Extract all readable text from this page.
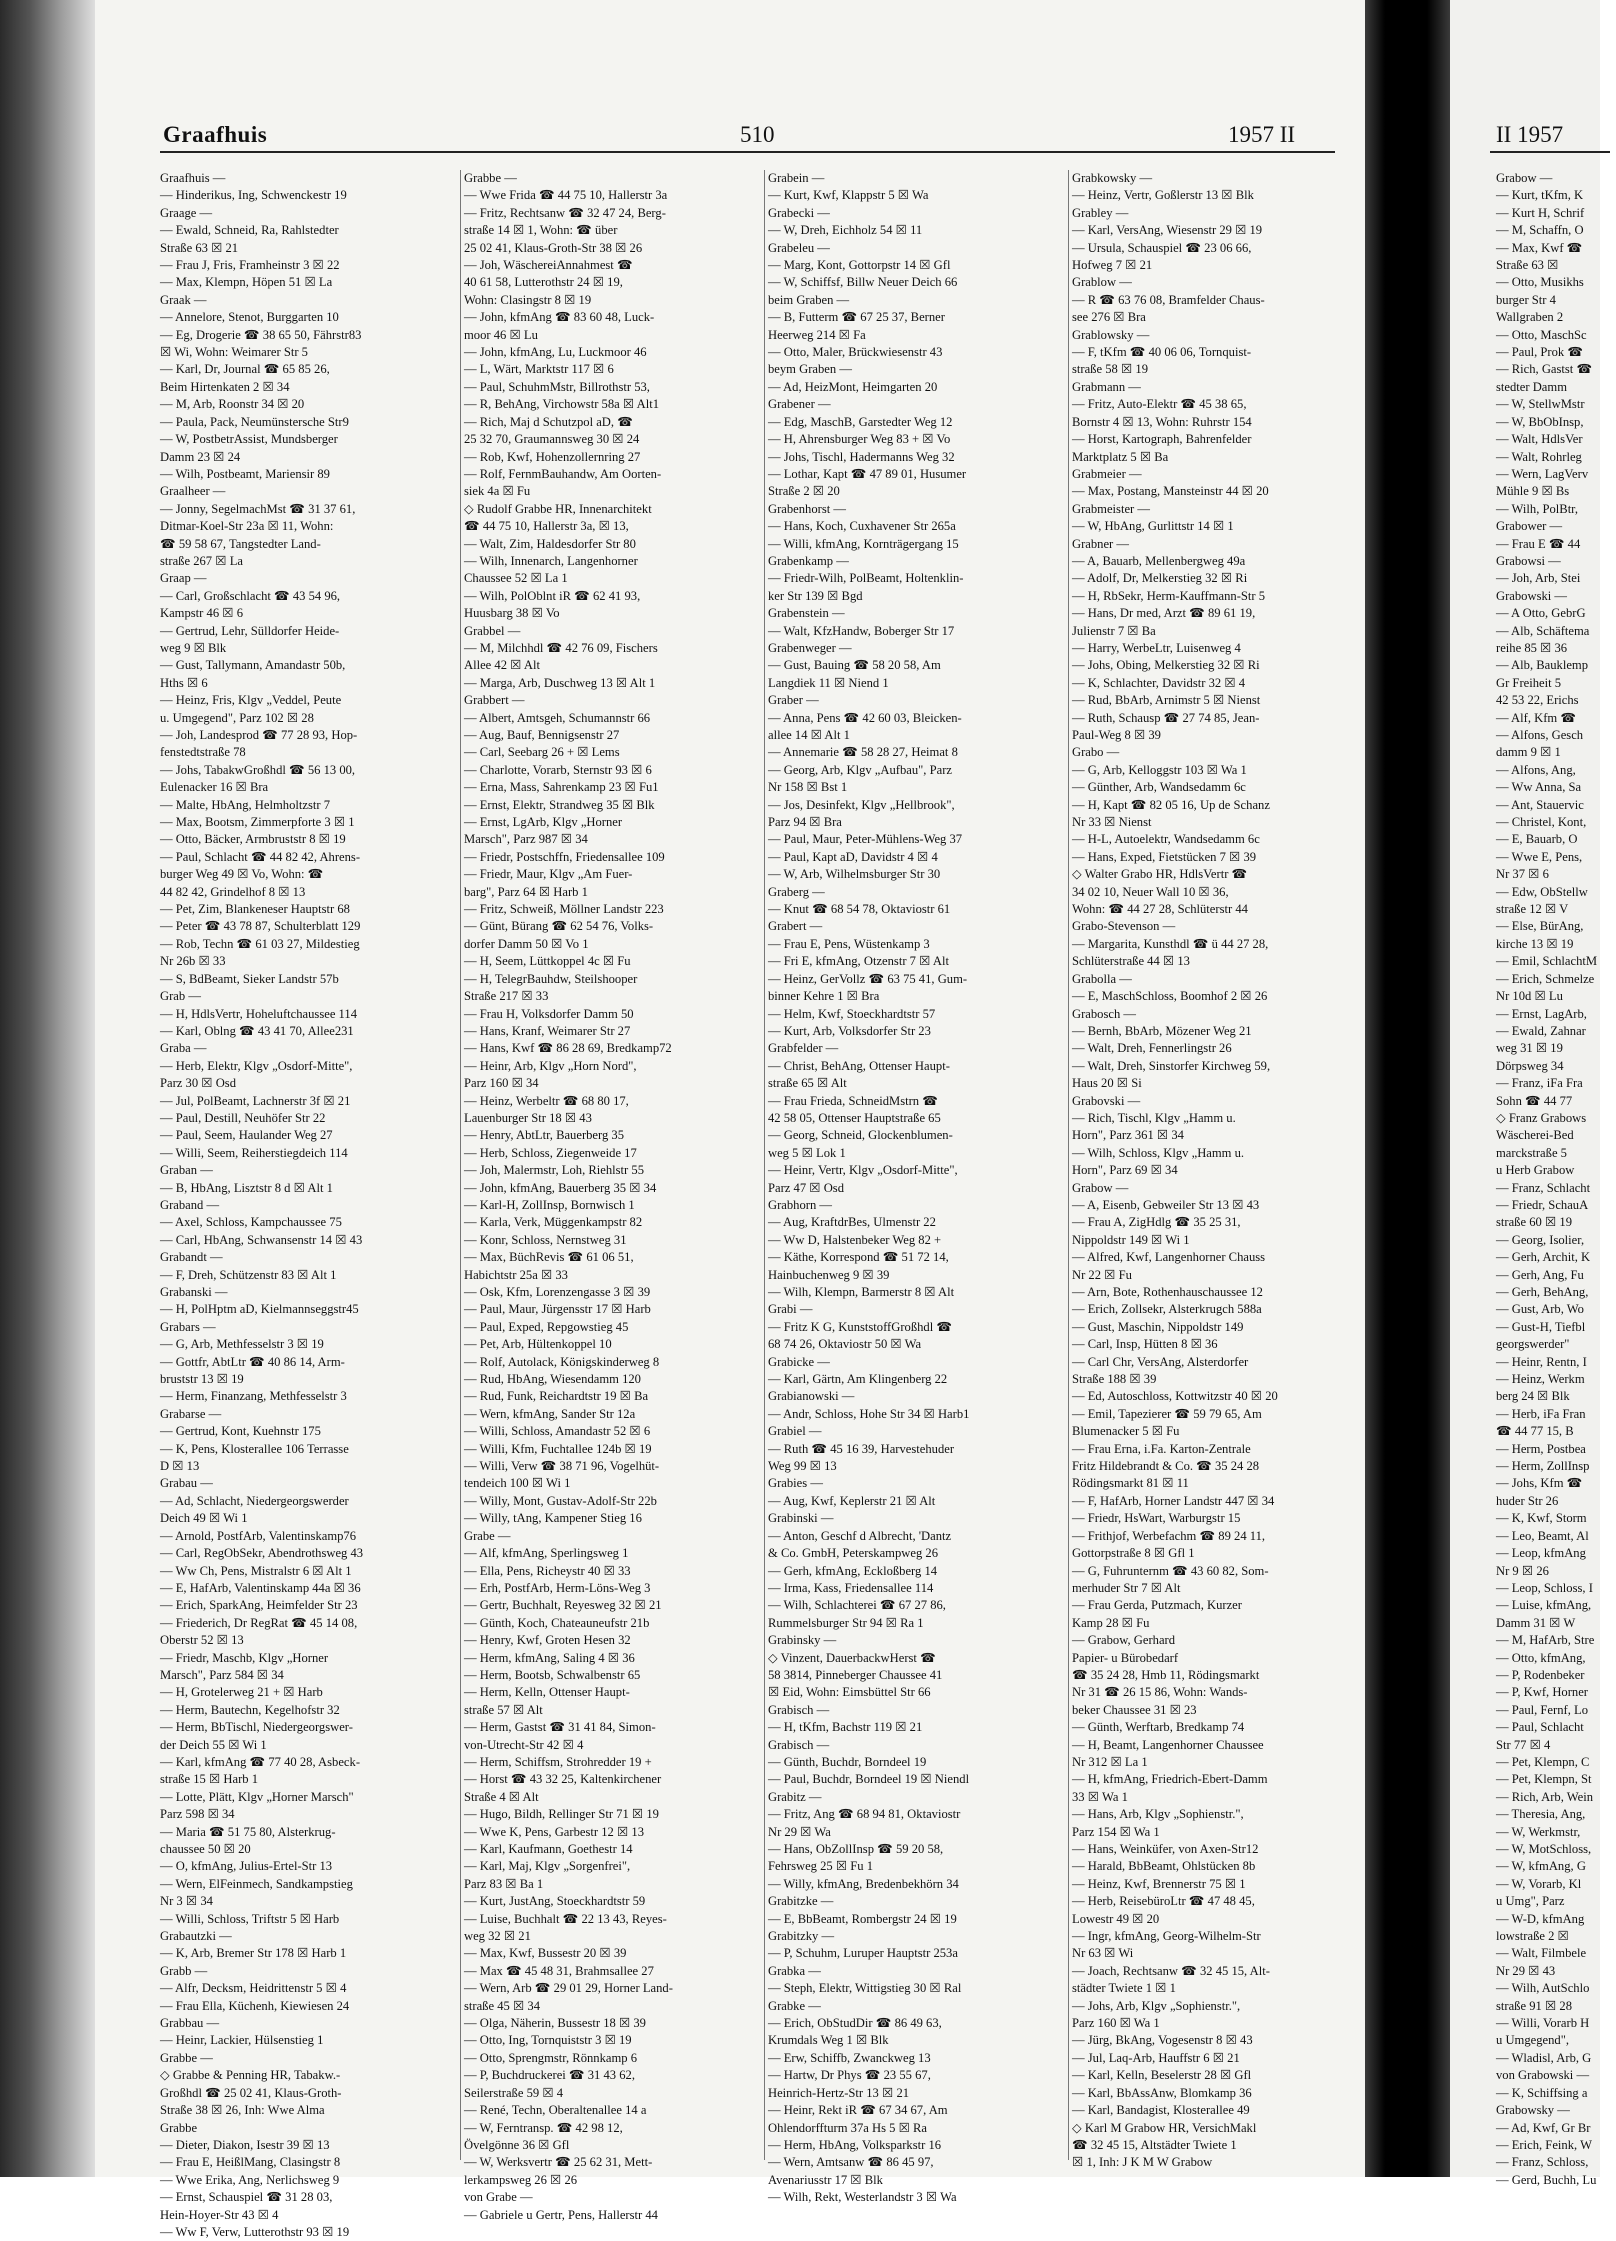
Graafhuis	510	1957 II
Graafhuis —
— Hinderikus, Ing, Schwenckestr 19
Graage —
— Ewald, Schneid, Ra, Rahlstedter
Straße 63 ☒ 21
— Frau J, Fris, Framheinstr 3 ☒ 22
— Max, Klempn, Höpen 51 ☒ La
Graak —
— Annelore, Stenot, Burggarten 10
— Eg, Drogerie ☎ 38 65 50, Fährstr83
☒ Wi, Wohn: Weimarer Str 5
— Karl, Dr, Journal ☎ 65 85 26,
Beim Hirtenkaten 2 ☒ 34
— M, Arb, Roonstr 34 ☒ 20
— Paula, Pack, Neumünstersche Str9
— W, PostbetrAssist, Mundsberger
Damm 23 ☒ 24
— Wilh, Postbeamt, Mariensir 89
Graalheer —
— Jonny, SegelmachMst ☎ 31 37 61,
Ditmar-Koel-Str 23a ☒ 11, Wohn:
☎ 59 58 67, Tangstedter Land-
straße 267 ☒ La
Graap —
— Carl, Großschlacht ☎ 43 54 96,
Kampstr 46 ☒ 6
— Gertrud, Lehr, Sülldorfer Heide-
weg 9 ☒ Blk
— Gust, Tallymann, Amandastr 50b,
Hths ☒ 6
— Heinz, Fris, Klgv „Veddel, Peute
u. Umgegend", Parz 102 ☒ 28
— Joh, Landesprod ☎ 77 28 93, Hop-
fenstedtstraße 78
— Johs, TabakwGroßhdl ☎ 56 13 00,
Eulenacker 16 ☒ Bra
— Malte, HbAng, Helmholtzstr 7
— Max, Bootsm, Zimmerpforte 3 ☒ 1
— Otto, Bäcker, Armbruststr 8 ☒ 19
— Paul, Schlacht ☎ 44 82 42, Ahrens-
burger Weg 49 ☒ Vo, Wohn: ☎
44 82 42, Grindelhof 8 ☒ 13
— Pet, Zim, Blankeneser Hauptstr 68
— Peter ☎ 43 78 87, Schulterblatt 129
— Rob, Techn ☎ 61 03 27, Mildestieg
Nr 26b ☒ 33
— S, BdBeamt, Sieker Landstr 57b
Grab —
— H, HdlsVertr, Hoheluftchaussee 114
— Karl, Oblng ☎ 43 41 70, Allee231
Graba —
— Herb, Elektr, Klgv „Osdorf-Mitte",
Parz 30 ☒ Osd
— Jul, PolBeamt, Lachnerstr 3f ☒ 21
— Paul, Destill, Neuhöfer Str 22
— Paul, Seem, Haulander Weg 27
— Willi, Seem, Reiherstiegdeich 114
Graban —
— B, HbAng, Lisztstr 8 d ☒ Alt 1
Graband —
— Axel, Schloss, Kampchaussee 75
— Carl, HbAng, Schwansenstr 14 ☒ 43
Grabandt —
— F, Dreh, Schützenstr 83 ☒ Alt 1
Grabanski —
— H, PolHptm aD, Kielmannseggstr45
Grabars —
— G, Arb, Methfesselstr 3 ☒ 19
— Gottfr, AbtLtr ☎ 40 86 14, Arm-
bruststr 13 ☒ 19
— Herm, Finanzang, Methfesselstr 3
Grabarse —
— Gertrud, Kont, Kuehnstr 175
— K, Pens, Klosterallee 106 Terrasse
D ☒ 13
Grabau —
— Ad, Schlacht, Niedergeorgswerder
Deich 49 ☒ Wi 1
— Arnold, PostfArb, Valentinskamp76
— Carl, RegObSekr, Abendrothsweg 43
— Ww Ch, Pens, Mistralstr 6 ☒ Alt 1
— E, HafArb, Valentinskamp 44a ☒ 36
— Erich, SparkAng, Heimfelder Str 23
— Friederich, Dr RegRat ☎ 45 14 08,
Oberstr 52 ☒ 13
— Friedr, Maschb, Klgv „Horner
Marsch", Parz 584 ☒ 34
— H, Grotelerweg 21 + ☒ Harb
— Herm, Bautechn, Kegelhofstr 32
— Herm, BbTischl, Niedergeorgswer-
der Deich 55 ☒ Wi 1
— Karl, kfmAng ☎ 77 40 28, Asbeck-
straße 15 ☒ Harb 1
— Lotte, Plätt, Klgv „Horner Marsch"
Parz 598 ☒ 34
— Maria ☎ 51 75 80, Alsterkrug-
chaussee 50 ☒ 20
— O, kfmAng, Julius-Ertel-Str 13
— Wern, ElFeinmech, Sandkampstieg
Nr 3 ☒ 34
— Willi, Schloss, Triftstr 5 ☒ Harb
Grabautzki —
— K, Arb, Bremer Str 178 ☒ Harb 1
Grabb —
— Alfr, Decksm, Heidrittenstr 5 ☒ 4
— Frau Ella, Küchenh, Kiewiesen 24
Grabbau —
— Heinr, Lackier, Hülsenstieg 1
Grabbe —
◇ Grabbe & Penning HR, Tabakw.-
Großhdl ☎ 25 02 41, Klaus-Groth-
Straße 38 ☒ 26, Inh: Wwe Alma
Grabbe
— Dieter, Diakon, Isestr 39 ☒ 13
— Frau E, HeißlMang, Clasingstr 8
— Wwe Erika, Ang, Nerlichsweg 9
— Ernst, Schauspiel ☎ 31 28 03,
Hein-Hoyer-Str 43 ☒ 4
— Ww F, Verw, Lutterothstr 93 ☒ 19
Grabbe —
— Wwe Frida ☎ 44 75 10, Hallerstr 3a
— Fritz, Rechtsanw ☎ 32 47 24, Berg-
straße 14 ☒ 1, Wohn: ☎ über
25 02 41, Klaus-Groth-Str 38 ☒ 26
— Joh, WäschereiAnnahmest ☎
40 61 58, Lutterothstr 24 ☒ 19,
Wohn: Clasingstr 8 ☒ 19
— John, kfmAng ☎ 83 60 48, Luck-
moor 46 ☒ Lu
— John, kfmAng, Lu, Luckmoor 46
— L, Wärt, Marktstr 117 ☒ 6
— Paul, SchuhmMstr, Billrothstr 53,
— R, BehAng, Virchowstr 58a ☒ Alt1
— Rich, Maj d Schutzpol aD, ☎
25 32 70, Graumannsweg 30 ☒ 24
— Rob, Kwf, Hohenzollernring 27
— Rolf, FernmBauhandw, Am Oorten-
siek 4a ☒ Fu
◇ Rudolf Grabbe HR, Innenarchitekt
☎ 44 75 10, Hallerstr 3a, ☒ 13,
— Walt, Zim, Haldesdorfer Str 80
— Wilh, Innenarch, Langenhorner
Chaussee 52 ☒ La 1
— Wilh, PolOblnt iR ☎ 62 41 93,
Huusbarg 38 ☒ Vo
Grabbel —
— M, Milchhdl ☎ 42 76 09, Fischers
Allee 42 ☒ Alt
— Marga, Arb, Duschweg 13 ☒ Alt 1
Grabbert —
— Albert, Amtsgeh, Schumannstr 66
— Aug, Bauf, Bennigsenstr 27
— Carl, Seebarg 26 + ☒ Lems
— Charlotte, Vorarb, Sternstr 93 ☒ 6
— Erna, Mass, Sahrenkamp 23 ☒ Fu1
— Ernst, Elektr, Strandweg 35 ☒ Blk
— Ernst, LgArb, Klgv „Horner
Marsch", Parz 987 ☒ 34
— Friedr, Postschffn, Friedensallee 109
— Friedr, Maur, Klgv „Am Fuer-
barg", Parz 64 ☒ Harb 1
— Fritz, Schweiß, Möllner Landstr 223
— Günt, Bürang ☎ 62 54 76, Volks-
dorfer Damm 50 ☒ Vo 1
— H, Seem, Lüttkoppel 4c ☒ Fu
— H, TelegrBauhdw, Steilshooper
Straße 217 ☒ 33
— Frau H, Volksdorfer Damm 50
— Hans, Kranf, Weimarer Str 27
— Hans, Kwf ☎ 86 28 69, Bredkamp72
— Heinr, Arb, Klgv „Horn Nord",
Parz 160 ☒ 34
— Heinz, Werbeltr ☎ 68 80 17,
Lauenburger Str 18 ☒ 43
— Henry, AbtLtr, Bauerberg 35
— Herb, Schloss, Ziegenweide 17
— Joh, Malermstr, Loh, Riehlstr 55
— John, kfmAng, Bauerberg 35 ☒ 34
— Karl-H, ZollInsp, Bornwisch 1
— Karla, Verk, Müggenkampstr 82
— Konr, Schloss, Nernstweg 31
— Max, BüchRevis ☎ 61 06 51,
Habichtstr 25a ☒ 33
— Osk, Kfm, Lorenzengasse 3 ☒ 39
— Paul, Maur, Jürgensstr 17 ☒ Harb
— Paul, Exped, Repgowstieg 45
— Pet, Arb, Hültenkoppel 10
— Rolf, Autolack, Königskinderweg 8
— Rud, HbAng, Wiesendamm 120
— Rud, Funk, Reichardtstr 19 ☒ Ba
— Wern, kfmAng, Sander Str 12a
— Willi, Schloss, Amandastr 52 ☒ 6
— Willi, Kfm, Fuchtallee 124b ☒ 19
— Willi, Verw ☎ 38 71 96, Vogelhüt-
tendeich 100 ☒ Wi 1
— Willy, Mont, Gustav-Adolf-Str 22b
— Willy, tAng, Kampener Stieg 16
Grabe —
— Alf, kfmAng, Sperlingsweg 1
— Ella, Pens, Richeystr 40 ☒ 33
— Erh, PostfArb, Herm-Löns-Weg 3
— Gertr, Buchhalt, Reyesweg 32 ☒ 21
— Günth, Koch, Chateauneufstr 21b
— Henry, Kwf, Groten Hesen 32
— Herm, kfmAng, Saling 4 ☒ 36
— Herm, Bootsb, Schwalbenstr 65
— Herm, Kelln, Ottenser Haupt-
straße 57 ☒ Alt
— Herm, Gastst ☎ 31 41 84, Simon-
von-Utrecht-Str 42 ☒ 4
— Herm, Schiffsm, Strohredder 19 +
— Horst ☎ 43 32 25, Kaltenkirchener
Straße 4 ☒ Alt
— Hugo, Bildh, Rellinger Str 71 ☒ 19
— Wwe K, Pens, Garbestr 12 ☒ 13
— Karl, Kaufmann, Goethestr 14
— Karl, Maj, Klgv „Sorgenfrei",
Parz 83 ☒ Ba 1
— Kurt, JustAng, Stoeckhardtstr 59
— Luise, Buchhalt ☎ 22 13 43, Reyes-
weg 32 ☒ 21
— Max, Kwf, Bussestr 20 ☒ 39
— Max ☎ 45 48 31, Brahmsallee 27
— Wern, Arb ☎ 29 01 29, Horner Land-
straße 45 ☒ 34
— Olga, Näherin, Bussestr 18 ☒ 39
— Otto, Ing, Tornquiststr 3 ☒ 19
— Otto, Sprengmstr, Rönnkamp 6
— P, Buchdruckerei ☎ 31 43 62,
Seilerstraße 59 ☒ 4
— René, Techn, Oberaltenallee 14 a
— W, Ferntransp. ☎ 42 98 12,
Övelgönne 36 ☒ Gfl
— W, Werksvertr ☎ 25 62 31, Mett-
lerkampsweg 26 ☒ 26
von Grabe —
— Gabriele u Gertr, Pens, Hallerstr 44
Grabein —
— Kurt, Kwf, Klappstr 5 ☒ Wa
Grabecki —
— W, Dreh, Eichholz 54 ☒ 11
Grabeleu —
— Marg, Kont, Gottorpstr 14 ☒ Gfl
— W, Schiffsf, Billw Neuer Deich 66
beim Graben —
— B, Futterm ☎ 67 25 37, Berner
Heerweg 214 ☒ Fa
— Otto, Maler, Brückwiesenstr 43
beym Graben —
— Ad, HeizMont, Heimgarten 20
Grabener —
— Edg, MaschB, Garstedter Weg 12
— H, Ahrensburger Weg 83 + ☒ Vo
— Johs, Tischl, Hadermanns Weg 32
— Lothar, Kapt ☎ 47 89 01, Husumer
Straße 2 ☒ 20
Grabenhorst —
— Hans, Koch, Cuxhavener Str 265a
— Willi, kfmAng, Kornträgergang 15
Grabenkamp —
— Friedr-Wilh, PolBeamt, Holtenklin-
ker Str 139 ☒ Bgd
Grabenstein —
— Walt, KfzHandw, Boberger Str 17
Grabenweger —
— Gust, Bauing ☎ 58 20 58, Am
Langdiek 11 ☒ Niend 1
Graber —
— Anna, Pens ☎ 42 60 03, Bleicken-
allee 14 ☒ Alt 1
— Annemarie ☎ 58 28 27, Heimat 8
— Georg, Arb, Klgv „Aufbau", Parz
Nr 158 ☒ Bst 1
— Jos, Desinfekt, Klgv „Hellbrook",
Parz 94 ☒ Bra
— Paul, Maur, Peter-Mühlens-Weg 37
— Paul, Kapt aD, Davidstr 4 ☒ 4
— W, Arb, Wilhelmsburger Str 30
Graberg —
— Knut ☎ 68 54 78, Oktaviostr 61
Grabert —
— Frau E, Pens, Wüstenkamp 3
— Fri E, kfmAng, Otzenstr 7 ☒ Alt
— Heinz, GerVollz ☎ 63 75 41, Gum-
binner Kehre 1 ☒ Bra
— Helm, Kwf, Stoeckhardtstr 57
— Kurt, Arb, Volksdorfer Str 23
Grabfelder —
— Christ, BehAng, Ottenser Haupt-
straße 65 ☒ Alt
— Frau Frieda, SchneidMstrn ☎
42 58 05, Ottenser Hauptstraße 65
— Georg, Schneid, Glockenblumen-
weg 5 ☒ Lok 1
— Heinr, Vertr, Klgv „Osdorf-Mitte",
Parz 47 ☒ Osd
Grabhorn —
— Aug, KraftdrBes, Ulmenstr 22
— Ww D, Halstenbeker Weg 82 +
— Käthe, Korrespond ☎ 51 72 14,
Hainbuchenweg 9 ☒ 39
— Wilh, Klempn, Barmerstr 8 ☒ Alt
Grabi —
— Fritz K G, KunststoffGroßhdl ☎
68 74 26, Oktaviostr 50 ☒ Wa
Grabicke —
— Karl, Gärtn, Am Klingenberg 22
Grabianowski —
— Andr, Schloss, Hohe Str 34 ☒ Harb1
Grabiel —
— Ruth ☎ 45 16 39, Harvestehuder
Weg 99 ☒ 13
Grabies —
— Aug, Kwf, Keplerstr 21 ☒ Alt
Grabinski —
— Anton, Geschf d Albrecht, 'Dantz
& Co. GmbH, Peterskampweg 26
— Gerh, kfmAng, Eckloßberg 14
— Irma, Kass, Friedensallee 114
— Wilh, Schlachterei ☎ 67 27 86,
Rummelsburger Str 94 ☒ Ra 1
Grabinsky —
◇ Vinzent, DauerbackwHerst ☎
58 3814, Pinneberger Chaussee 41
☒ Eid, Wohn: Eimsbüttel Str 66
Grabisch —
— H, tKfm, Bachstr 119 ☒ 21
Grabisch —
— Günth, Buchdr, Borndeel 19
— Paul, Buchdr, Borndeel 19 ☒ Niendl
Grabitz —
— Fritz, Ang ☎ 68 94 81, Oktaviostr
Nr 29 ☒ Wa
— Hans, ObZollInsp ☎ 59 20 58,
Fehrsweg 25 ☒ Fu 1
— Willy, kfmAng, Bredenbekhörn 34
Grabitzke —
— E, BbBeamt, Rombergstr 24 ☒ 19
Grabitzky —
— P, Schuhm, Luruper Hauptstr 253a
Grabka —
— Steph, Elektr, Wittigstieg 30 ☒ Ral
Grabke —
— Erich, ObStudDir ☎ 86 49 63,
Krumdals Weg 1 ☒ Blk
— Erw, Schiffb, Zwanckweg 13
— Hartw, Dr Phys ☎ 23 55 67,
Heinrich-Hertz-Str 13 ☒ 21
— Heinr, Rekt iR ☎ 67 34 67, Am
Ohlendorffturm 37a Hs 5 ☒ Ra
— Herm, HbAng, Volksparkstr 16
— Wern, Amtsanw ☎ 86 45 97,
Avenariusstr 17 ☒ Blk
— Wilh, Rekt, Westerlandstr 3 ☒ Wa
Grabkowsky —
— Heinz, Vertr, Goßlerstr 13 ☒ Blk
Grabley —
— Karl, VersAng, Wiesenstr 29 ☒ 19
— Ursula, Schauspiel ☎ 23 06 66,
Hofweg 7 ☒ 21
Grablow —
— R ☎ 63 76 08, Bramfelder Chaus-
see 276 ☒ Bra
Grablowsky —
— F, tKfm ☎ 40 06 06, Tornquist-
straße 58 ☒ 19
Grabmann —
— Fritz, Auto-Elektr ☎ 45 38 65,
Bornstr 4 ☒ 13, Wohn: Ruhrstr 154
— Horst, Kartograph, Bahrenfelder
Marktplatz 5 ☒ Ba
Grabmeier —
— Max, Postang, Mansteinstr 44 ☒ 20
Grabmeister —
— W, HbAng, Gurlittstr 14 ☒ 1
Grabner —
— A, Bauarb, Mellenbergweg 49a
— Adolf, Dr, Melkerstieg 32 ☒ Ri
— H, RbSekr, Herm-Kauffmann-Str 5
— Hans, Dr med, Arzt ☎ 89 61 19,
Julienstr 7 ☒ Ba
— Harry, WerbeLtr, Luisenweg 4
— Johs, Obing, Melkerstieg 32 ☒ Ri
— K, Schlachter, Davidstr 32 ☒ 4
— Rud, BbArb, Arnimstr 5 ☒ Nienst
— Ruth, Schausp ☎ 27 74 85, Jean-
Paul-Weg 8 ☒ 39
Grabo —
— G, Arb, Kelloggstr 103 ☒ Wa 1
— Günther, Arb, Wandsedamm 6c
— H, Kapt ☎ 82 05 16, Up de Schanz
Nr 33 ☒ Nienst
— H-L, Autoelektr, Wandsedamm 6c
— Hans, Exped, Fietstücken 7 ☒ 39
◇ Walter Grabo HR, HdlsVertr ☎
34 02 10, Neuer Wall 10 ☒ 36,
Wohn: ☎ 44 27 28, Schlüterstr 44
Grabo-Stevenson —
— Margarita, Kunsthdl ☎ ü 44 27 28,
Schlüterstraße 44 ☒ 13
Grabolla —
— E, MaschSchloss, Boomhof 2 ☒ 26
Grabosch —
— Bernh, BbArb, Mözener Weg 21
— Walt, Dreh, Fennerlingstr 26
— Walt, Dreh, Sinstorfer Kirchweg 59,
Haus 20 ☒ Si
Grabovski —
— Rich, Tischl, Klgv „Hamm u.
Horn", Parz 361 ☒ 34
— Wilh, Schloss, Klgv „Hamm u.
Horn", Parz 69 ☒ 34
Grabow —
— A, Eisenb, Gebweiler Str 13 ☒ 43
— Frau A, ZigHdlg ☎ 35 25 31,
Nippoldstr 149 ☒ Wi 1
— Alfred, Kwf, Langenhorner Chauss
Nr 22 ☒ Fu
— Arn, Bote, Rothenhauschaussee 12
— Erich, Zollsekr, Alsterkrugch 588a
— Gust, Maschin, Nippoldstr 149
— Carl, Insp, Hütten 8 ☒ 36
— Carl Chr, VersAng, Alsterdorfer
Straße 188 ☒ 39
— Ed, Autoschloss, Kottwitzstr 40 ☒ 20
— Emil, Tapezierer ☎ 59 79 65, Am
Blumenacker 5 ☒ Fu
— Frau Erna, i.Fa. Karton-Zentrale
Fritz Hildebrandt & Co. ☎ 35 24 28
Rödingsmarkt 81 ☒ 11
— F, HafArb, Horner Landstr 447 ☒ 34
— Friedr, HsWart, Warburgstr 15
— Frithjof, Werbefachm ☎ 89 24 11,
Gottorpstraße 8 ☒ Gfl 1
— G, Fuhrunternm ☎ 43 60 82, Som-
merhuder Str 7 ☒ Alt
— Frau Gerda, Putzmach, Kurzer
Kamp 28 ☒ Fu
— Grabow, Gerhard
Papier- u Bürobedarf
☎ 35 24 28, Hmb 11, Rödingsmarkt
Nr 31 ☎ 26 15 86, Wohn: Wands-
beker Chaussee 31 ☒ 23
— Günth, Werftarb, Bredkamp 74
— H, Beamt, Langenhorner Chaussee
Nr 312 ☒ La 1
— H, kfmAng, Friedrich-Ebert-Damm
33 ☒ Wa 1
— Hans, Arb, Klgv „Sophienstr.",
Parz 154 ☒ Wa 1
— Hans, Weinküfer, von Axen-Str12
— Harald, BbBeamt, Ohlstücken 8b
— Heinz, Kwf, Brennerstr 75 ☒ 1
— Herb, ReisebüroLtr ☎ 47 48 45,
Lowestr 49 ☒ 20
— Ingr, kfmAng, Georg-Wilhelm-Str
Nr 63 ☒ Wi
— Joach, Rechtsanw ☎ 32 45 15, Alt-
städter Twiete 1 ☒ 1
— Johs, Arb, Klgv „Sophienstr.",
Parz 160 ☒ Wa 1
— Jürg, BkAng, Vogesenstr 8 ☒ 43
— Jul, Laq-Arb, Hauffstr 6 ☒ 21
— Karl, Kelln, Beselerstr 28 ☒ Gfl
— Karl, BbAssAnw, Blomkamp 36
— Karl, Bandagist, Klosterallee 49
◇ Karl M Grabow HR, VersichMakl
☎ 32 45 15, Altstädter Twiete 1
☒ 1, Inh: J K M W Grabow
II 1957
Grabow —
— Kurt, tKfm, K
— Kurt H, Schrif
— M, Schaffn, O
— Max, Kwf ☎
Straße 63 ☒
— Otto, Musikhs
burger Str 4
Wallgraben 2
— Otto, MaschSc
— Paul, Prok ☎
— Rich, Gastst ☎
stedter Damm
— W, StellwMstr
— W, BbObInsp,
— Walt, HdlsVer
— Walt, Rohrleg
— Wern, LagVerv
Mühle 9 ☒ Bs
— Wilh, PolBtr,
Grabower —
— Frau E ☎ 44
Grabowsi —
— Joh, Arb, Stei
Grabowski —
— A Otto, GebrG
— Alb, Schäftema
reihe 85 ☒ 36
— Alb, Bauklemp
Gr Freiheit 5
42 53 22, Erichs
— Alf, Kfm ☎
— Alfons, Gesch
damm 9 ☒ 1
— Alfons, Ang,
— Ww Anna, Sa
— Ant, Stauervic
— Christel, Kont,
— E, Bauarb, O
— Wwe E, Pens,
Nr 37 ☒ 6
— Edw, ObStellw
straße 12 ☒ V
— Else, BürAng,
kirche 13 ☒ 19
— Emil, SchlachtM
— Erich, Schmelze
Nr 10d ☒ Lu
— Ernst, LagArb,
— Ewald, Zahnar
weg 31 ☒ 19
Dörpsweg 34
— Franz, iFa Fra
Sohn ☎ 44 77
◇ Franz Grabows
Wäscherei-Bed
marckstraße 5
u Herb Grabow
— Franz, Schlacht
— Friedr, SchauA
straße 60 ☒ 19
— Georg, Isolier,
— Gerh, Archit, K
— Gerh, Ang, Fu
— Gerh, BehAng,
— Gust, Arb, Wo
— Gust-H, Tiefbl
georgswerder"
— Heinr, Rentn, I
— Heinz, Werkm
berg 24 ☒ Blk
— Herb, iFa Fran
☎ 44 77 15, B
— Herm, Postbea
— Herm, ZollInsp
— Johs, Kfm ☎
huder Str 26
— K, Kwf, Storm
— Leo, Beamt, Al
— Leop, kfmAng
Nr 9 ☒ 26
— Leop, Schloss, I
— Luise, kfmAng,
Damm 31 ☒ W
— M, HafArb, Stre
— Otto, kfmAng,
— P, Rodenbeker
— P, Kwf, Horner
— Paul, Fernf, Lo
— Paul, Schlacht
Str 77 ☒ 4
— Pet, Klempn, C
— Pet, Klempn, St
— Rich, Arb, Wein
— Theresia, Ang,
— W, Werkmstr,
— W, MotSchloss,
— W, kfmAng, G
— W, Vorarb, Kl
u Umg", Parz
— W-D, kfmAng
lowstraße 2 ☒
— Walt, Filmbele
Nr 29 ☒ 43
— Wilh, AutSchlo
straße 91 ☒ 28
— Willi, Vorarb H
u Umgegend",
— Wladisl, Arb, G
von Grabowski —
— K, Schiffsing a
Grabowsky —
— Ad, Kwf, Gr Br
— Erich, Feink, W
— Franz, Schloss,
— Gerd, Buchh, Lu
